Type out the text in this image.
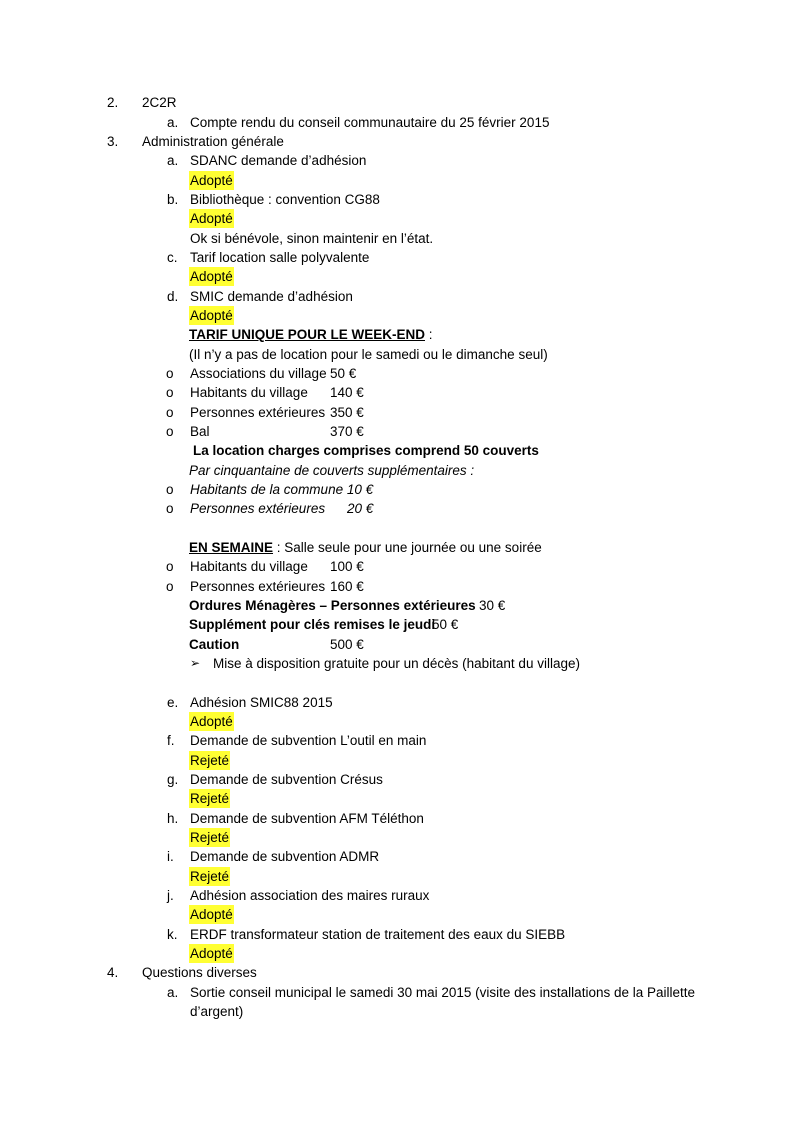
2. 2C2R
a. Compte rendu du conseil communautaire du 25 février 2015
3. Administration générale
a. SDANC demande d’adhésion
Adopté
b. Bibliothèque : convention CG88
Adopté
Ok si bénévole, sinon maintenir en l’état.
c. Tarif location salle polyvalente
Adopté
d. SMIC demande d’adhésion
Adopté
TARIF UNIQUE POUR LE WEEK-END :
(Il n’y a pas de location pour le samedi ou le dimanche seul)
o Associations du village 50 €
o Habitants du village 140 €
o Personnes extérieures 350 €
o Bal	370 €
La location charges comprises comprend 50 couverts
Par cinquantaine de couverts supplémentaires :
o Habitants de la commune 10 €
o Personnes extérieures 20 €
EN SEMAINE : Salle seule pour une journée ou une soirée
o Habitants du village 100 €
o Personnes extérieures 160 €
Ordures Ménagères – Personnes extérieures 30 €
Supplément pour clés remises le jeudi
50 €
Caution	500 €
➢ Mise à disposition gratuite pour un décès (habitant du village)
e. Adhésion SMIC88 2015
Adopté
f. Demande de subvention L’outil en main
Rejeté
g. Demande de subvention Crésus
Rejeté
h. Demande de subvention AFM Téléthon
Rejeté
i. Demande de subvention ADMR
Rejeté
j. Adhésion association des maires ruraux
Adopté
k. ERDF transformateur station de traitement des eaux du SIEBB
Adopté
4. Questions diverses
a. Sortie conseil municipal le samedi 30 mai 2015 (visite des installations de la Paillette
d’argent)
